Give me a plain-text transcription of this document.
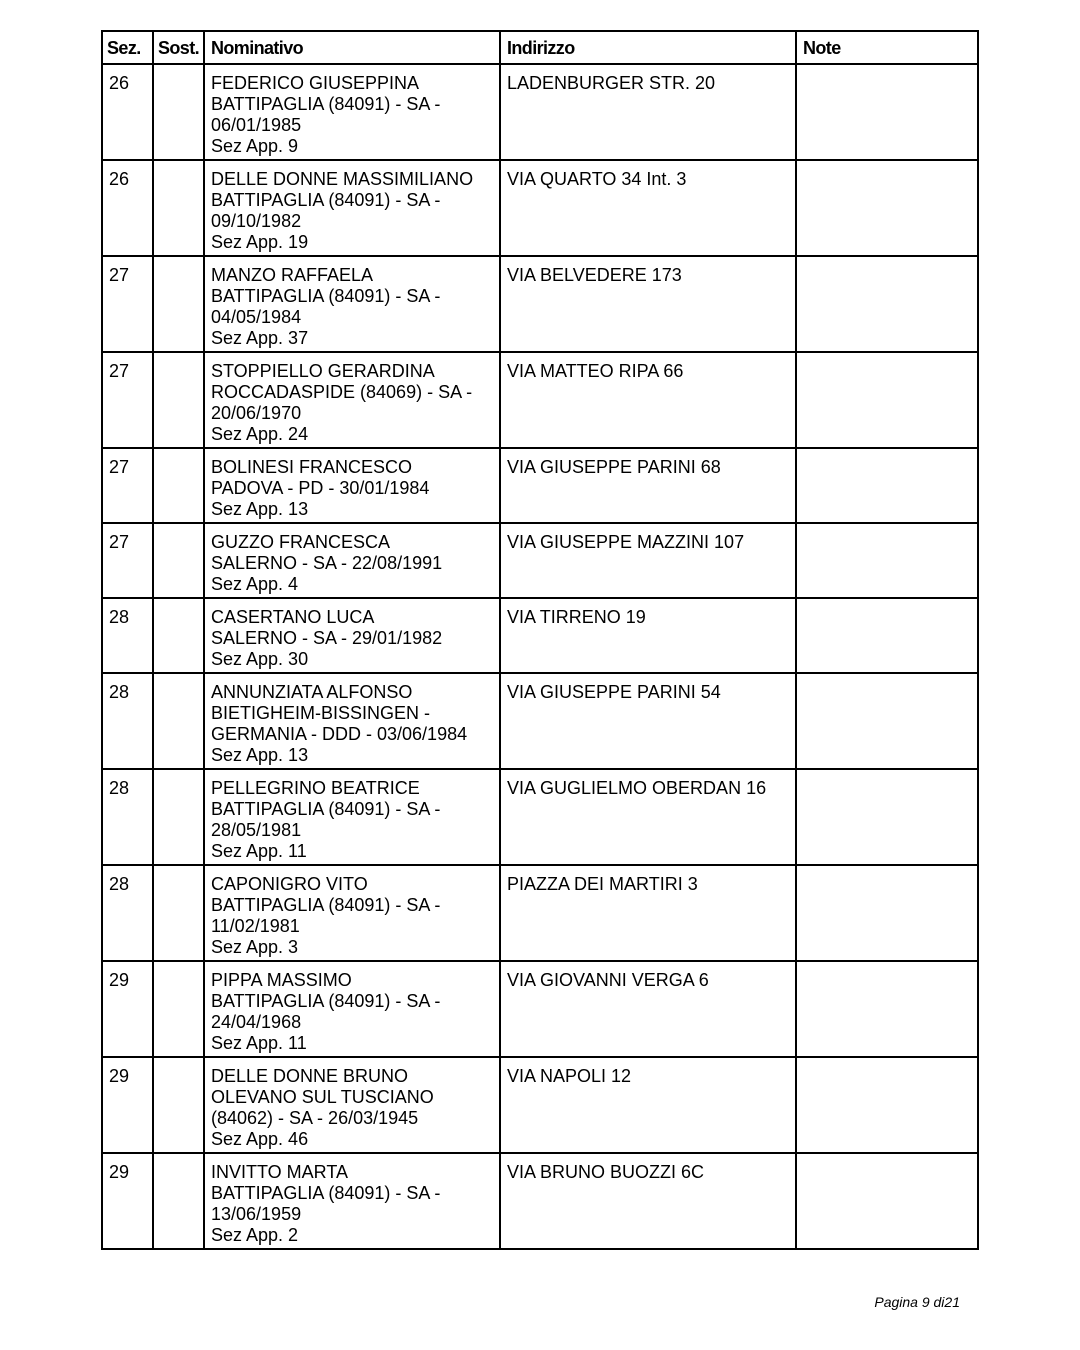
Sez.	Sost.	Nominativo	Indirizzo	Note
26		FEDERICO GIUSEPPINA
BATTIPAGLIA (84091) - SA -
06/01/1985
Sez App. 9	LADENBURGER STR. 20	
26		DELLE DONNE MASSIMILIANO
BATTIPAGLIA (84091) - SA -
09/10/1982
Sez App. 19	VIA QUARTO 34 Int. 3	
27		MANZO RAFFAELA
BATTIPAGLIA (84091) - SA -
04/05/1984
Sez App. 37	VIA BELVEDERE 173	
27		STOPPIELLO GERARDINA
ROCCADASPIDE (84069) - SA -
20/06/1970
Sez App. 24	VIA MATTEO RIPA 66	
27		BOLINESI FRANCESCO
PADOVA - PD - 30/01/1984
Sez App. 13	VIA GIUSEPPE PARINI 68	
27		GUZZO FRANCESCA
SALERNO - SA - 22/08/1991
Sez App. 4	VIA GIUSEPPE MAZZINI 107	
28		CASERTANO LUCA
SALERNO - SA - 29/01/1982
Sez App. 30	VIA TIRRENO 19	
28		ANNUNZIATA ALFONSO
BIETIGHEIM-BISSINGEN -
GERMANIA - DDD - 03/06/1984
Sez App. 13	VIA GIUSEPPE PARINI 54	
28		PELLEGRINO BEATRICE
BATTIPAGLIA (84091) - SA -
28/05/1981
Sez App. 11	VIA GUGLIELMO OBERDAN 16	
28		CAPONIGRO VITO
BATTIPAGLIA (84091) - SA -
11/02/1981
Sez App. 3	PIAZZA DEI MARTIRI 3	
29		PIPPA MASSIMO
BATTIPAGLIA (84091) - SA -
24/04/1968
Sez App. 11	VIA GIOVANNI VERGA 6	
29		DELLE DONNE BRUNO
OLEVANO SUL TUSCIANO
(84062) - SA - 26/03/1945
Sez App. 46	VIA NAPOLI 12	
29		INVITTO MARTA
BATTIPAGLIA (84091) - SA -
13/06/1959
Sez App. 2	VIA BRUNO BUOZZI 6C	
Pagina 9 di21
